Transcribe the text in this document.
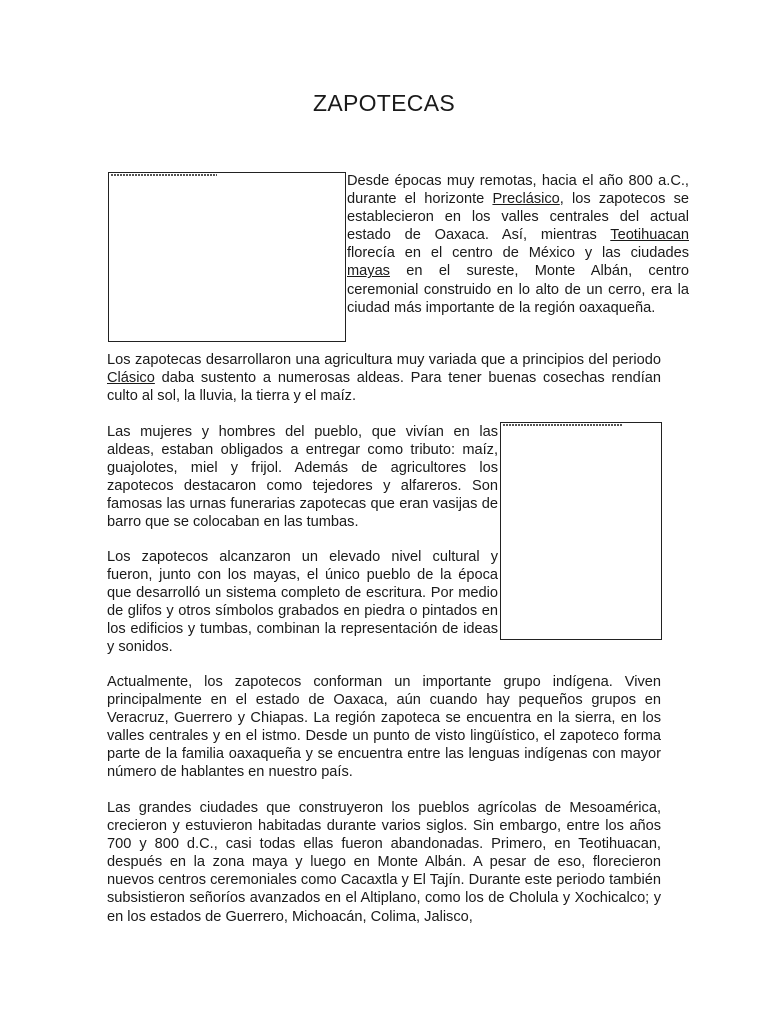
ZAPOTECAS

Desde épocas muy remotas, hacia el año 800 a.C., durante el horizonte Preclásico, los zapotecos se establecieron en los valles centrales del actual estado de Oaxaca. Así, mientras Teotihuacan florecía en el centro de México y las ciudades mayas en el sureste, Monte Albán, centro ceremonial construido en lo alto de un cerro, era la ciudad más importante de la región oaxaqueña.

Los zapotecas desarrollaron una agricultura muy variada que a principios del periodo Clásico daba sustento a numerosas aldeas. Para tener buenas cosechas rendían culto al sol, la lluvia, la tierra y el maíz.

Las mujeres y hombres del pueblo, que vivían en las aldeas, estaban obligados a entregar como tributo: maíz, guajolotes, miel y frijol. Además de agricultores los zapotecos destacaron como tejedores y alfareros. Son famosas las urnas funerarias zapotecas que eran vasijas de barro que se colocaban en las tumbas.

Los zapotecos alcanzaron un elevado nivel cultural y fueron, junto con los mayas, el único pueblo de la época que desarrolló un sistema completo de escritura. Por medio de glifos y otros símbolos grabados en piedra o pintados en los edificios y tumbas, combinan la representación de ideas y sonidos.

Actualmente, los zapotecos conforman un importante grupo indígena. Viven principalmente en el estado de Oaxaca, aún cuando hay pequeños grupos en Veracruz, Guerrero y Chiapas. La región zapoteca se encuentra en la sierra, en los valles centrales y en el istmo. Desde un punto de visto lingüístico, el zapoteco forma parte de la familia oaxaqueña y se encuentra entre las lenguas indígenas con mayor número de hablantes en nuestro país.

Las grandes ciudades que construyeron los pueblos agrícolas de Mesoamérica, crecieron y estuvieron habitadas durante varios siglos. Sin embargo, entre los años 700 y 800 d.C., casi todas ellas fueron abandonadas. Primero, en Teotihuacan, después en la zona maya y luego en Monte Albán. A pesar de eso, florecieron nuevos centros ceremoniales como Cacaxtla y El Tajín. Durante este periodo también subsistieron señoríos avanzados en el Altiplano, como los de Cholula y Xochicalco; y en los estados de Guerrero, Michoacán, Colima, Jalisco,
